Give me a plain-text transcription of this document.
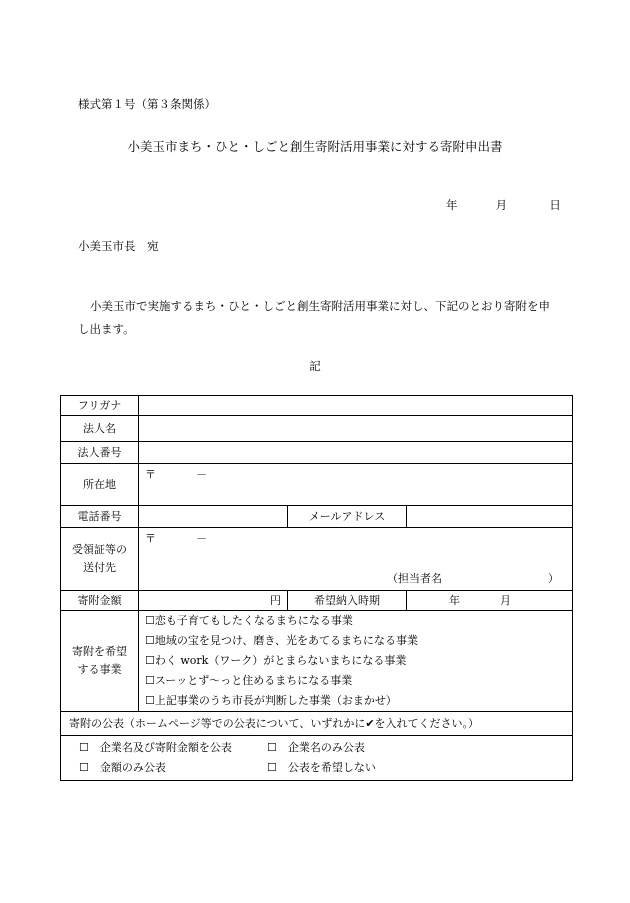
様式第１号（第３条関係）
小美玉市まち・ひと・しごと創生寄附活用事業に対する寄附申出書
年	月	日
小美玉市長　宛
小美玉市で実施するまち・ひと・しごと創生寄附活用事業に対し、下記のとおり寄附を申し出ます。
記
フリガナ	
法人名	
法人番号	
所在地	〒	－
電話番号		メールアドレス	

受領証等の
送付先
	〒	－
（担当者名	）

寄附金額	円	希望納入時期	年	月

寄附を希望
する事業

☐恋も子育てもしたくなるまちになる事業
☐地域の宝を見つけ、磨き、光をあてるまちになる事業
☐わく work（ワーク）がとまらないまちになる事業
☐スーッとず〜っと住めるまちになる事業
☐上記事業のうち市長が判断した事業（おまかせ）

寄附の公表（ホームページ等での公表について、いずれかに✔を入れてください。）

☐　企業名及び寄附金額を公表	☐　企業名のみ公表
☐　金額のみ公表	☐　公表を希望しない
